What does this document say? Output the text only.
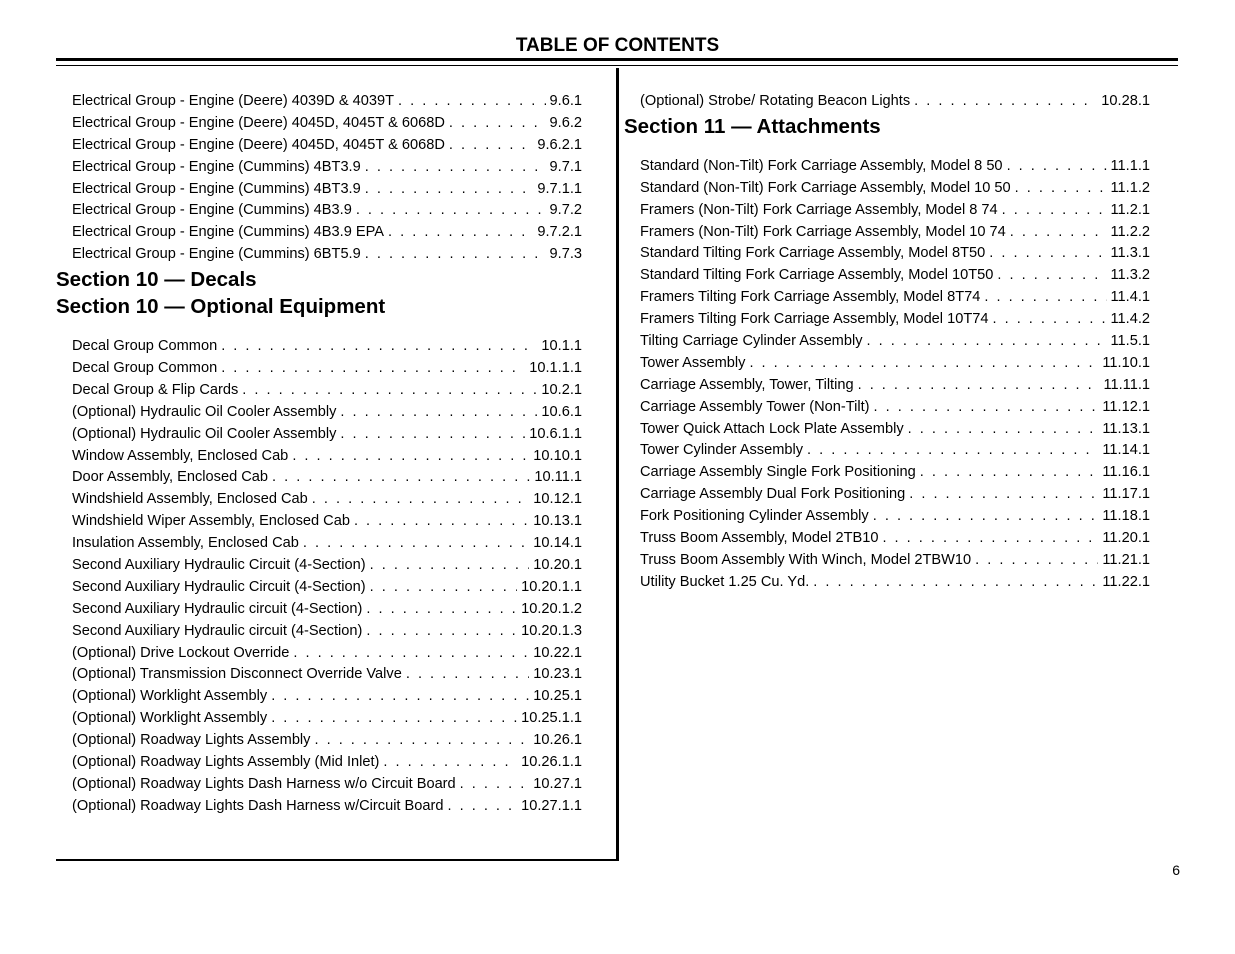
TABLE OF CONTENTS
6
Electrical Group - Engine (Deere) 4039D & 4039T . . .	9.6.1
Electrical Group - Engine (Deere) 4045D, 4045T & 6068D . . .	9.6.2
Electrical Group - Engine (Deere) 4045D, 4045T & 6068D . . .	9.6.2.1
Electrical Group - Engine (Cummins) 4BT3.9 . . .	9.7.1
Electrical Group - Engine (Cummins) 4BT3.9 . . .	9.7.1.1
Electrical Group - Engine (Cummins) 4B3.9 . . .	9.7.2
Electrical Group - Engine (Cummins) 4B3.9 EPA . . .	9.7.2.1
Electrical Group - Engine (Cummins) 6BT5.9 . . .	9.7.3
Section 10 — Decals
Section 10 — Optional Equipment
Decal Group Common . . .	10.1.1
Decal Group Common . . .	10.1.1.1
Decal Group & Flip Cards . . .	10.2.1
(Optional) Hydraulic Oil Cooler Assembly . . .	10.6.1
(Optional) Hydraulic Oil Cooler Assembly . . .	10.6.1.1
Window Assembly, Enclosed Cab . . .	10.10.1
Door Assembly, Enclosed Cab . . .	10.11.1
Windshield Assembly, Enclosed Cab . . .	10.12.1
Windshield Wiper Assembly, Enclosed Cab . . .	10.13.1
Insulation Assembly, Enclosed Cab . . .	10.14.1
Second Auxiliary Hydraulic Circuit (4-Section) . . .	10.20.1
Second Auxiliary Hydraulic Circuit (4-Section) . . .	10.20.1.1
Second Auxiliary Hydraulic circuit (4-Section) . . .	10.20.1.2
Second Auxiliary Hydraulic circuit (4-Section) . . .	10.20.1.3
(Optional) Drive Lockout Override . . .	10.22.1
(Optional) Transmission Disconnect Override Valve . . .	10.23.1
(Optional) Worklight Assembly . . .	10.25.1
(Optional) Worklight Assembly . . .	10.25.1.1
(Optional) Roadway Lights Assembly . . .	10.26.1
(Optional) Roadway Lights Assembly (Mid Inlet) . . .	10.26.1.1
(Optional) Roadway Lights Dash Harness w/o Circuit Board . . .	10.27.1
(Optional) Roadway Lights Dash Harness w/Circuit Board . . .	10.27.1.1
(Optional) Strobe/ Rotating Beacon Lights . . .	10.28.1
Section 11 — Attachments
Standard (Non-Tilt) Fork Carriage Assembly, Model 8 50 . . .	11.1.1
Standard (Non-Tilt) Fork Carriage Assembly, Model 10 50 . . .	11.1.2
Framers (Non-Tilt) Fork Carriage Assembly, Model 8 74 . . .	11.2.1
Framers (Non-Tilt) Fork Carriage Assembly, Model 10 74 . . .	11.2.2
Standard Tilting Fork Carriage Assembly, Model 8T50 . . .	11.3.1
Standard Tilting Fork Carriage Assembly, Model 10T50 . . .	11.3.2
Framers Tilting Fork Carriage Assembly, Model 8T74 . . .	11.4.1
Framers Tilting Fork Carriage Assembly, Model 10T74 . . .	11.4.2
Tilting Carriage Cylinder Assembly . . .	11.5.1
Tower Assembly . . .	11.10.1
Carriage Assembly, Tower, Tilting . . .	11.11.1
Carriage Assembly Tower (Non-Tilt) . . .	11.12.1
Tower Quick Attach Lock Plate Assembly . . .	11.13.1
Tower Cylinder Assembly . . .	11.14.1
Carriage Assembly Single Fork Positioning . . .	11.16.1
Carriage Assembly Dual Fork Positioning . . .	11.17.1
Fork Positioning Cylinder Assembly . . .	11.18.1
Truss Boom Assembly, Model 2TB10 . . .	11.20.1
Truss Boom Assembly With Winch, Model 2TBW10 . . .	11.21.1
Utility Bucket 1.25 Cu. Yd. . . .	11.22.1
